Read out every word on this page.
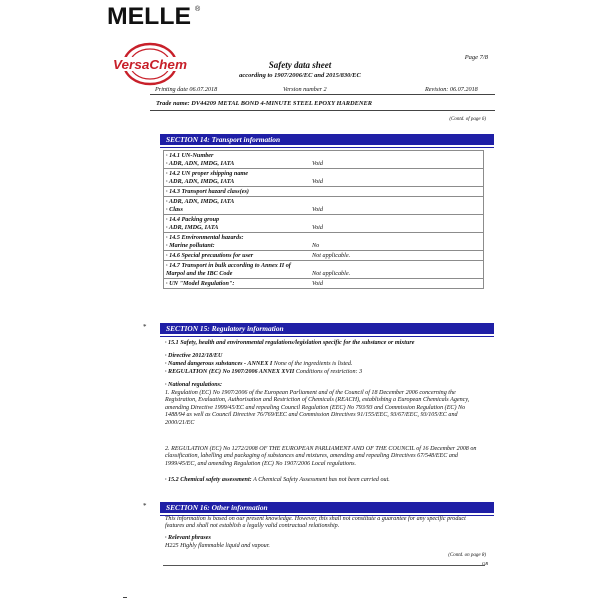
MELLE ®
VersaChem	Page 7/8
Safety data sheet
according to 1907/2006/EC and 2015/830/EC
Printing date 06.07.2018	Version number 2	Revision: 06.07.2018
Trade name: DV44209 METAL BOND 4-MINUTE STEEL EPOXY HARDENER
(Contd. of page 6)
SECTION 14: Transport information
· 14.1 UN-Number
· ADR, ADN, IMDG, IATA	Void

· 14.2 UN proper shipping name
· ADR, ADN, IMDG, IATA	Void

· 14.3 Transport hazard class(es)

· ADR, ADN, IMDG, IATA
· Class	Void

· 14.4 Packing group
· ADR, IMDG, IATA	Void

· 14.5 Environmental hazards:
· Marine pollutant:	No

· 14.6 Special precautions for user	Not applicable.

· 14.7 Transport in bulk according to Annex II of
Marpol and the IBC Code	Not applicable.

· UN "Model Regulation":	Void
*	SECTION 15: Regulatory information
· 15.1 Safety, health and environmental regulations/legislation specific for the substance or mixture
· Directive 2012/18/EU
· Named dangerous substances - ANNEX I None of the ingredients is listed.
· REGULATION (EC) No 1907/2006 ANNEX XVII Conditions of restriction: 3
· National regulations:
1. Regulation (EC) No 1907/2006 of the European Parliament and of the Council of 18 December 2006 concerning the Registration, Evaluation, Authorisation and Restriction of Chemicals (REACH), establishing a European Chemicals Agency, amending Directive 1999/45/EC and repealing Council Regulation (EEC) No 793/93 and Commission Regulation (EC) No 1488/94 as well as Council Directive 76/769/EEC and Commission Directives 91/155/EEC, 93/67/EEC, 93/105/EC and 2000/21/EC
2. REGULATION (EC) No 1272/2008 OF THE EUROPEAN PARLIAMENT AND OF THE COUNCIL of 16 December 2008 on classification, labelling and packaging of substances and mixtures, amending and repealing Directives 67/548/EEC and 1999/45/EC, and amending Regulation (EC) No 1907/2006 Local regulations.
· 15.2 Chemical safety assessment: A Chemical Safety Assessment has not been carried out.
*	SECTION 16: Other information
This information is based on our present knowledge. However, this shall not constitute a guarantee for any specific product features and shall not establish a legally valid contractual relationship.
· Relevant phrases
H225 Highly flammable liquid and vapour.
(Contd. on page 8)
GB
